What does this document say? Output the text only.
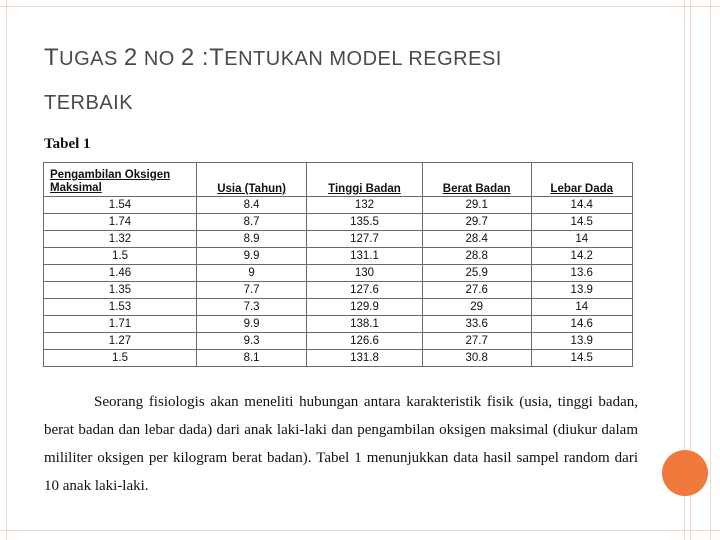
TUGAS 2 NO 2 :TENTUKAN MODEL REGRESI
TERBAIK
Tabel 1
Pengambilan Oksigen Maksimal	Usia (Tahun)	Tinggi Badan	Berat Badan	Lebar Dada
1.54	8.4	132	29.1	14.4
1.74	8.7	135.5	29.7	14.5
1.32	8.9	127.7	28.4	14
1.5	9.9	131.1	28.8	14.2
1.46	9	130	25.9	13.6
1.35	7.7	127.6	27.6	13.9
1.53	7.3	129.9	29	14
1.71	9.9	138.1	33.6	14.6
1.27	9.3	126.6	27.7	13.9
1.5	8.1	131.8	30.8	14.5
Seorang fisiologis akan meneliti hubungan antara karakteristik fisik (usia, tinggi badan, berat badan dan lebar dada) dari anak laki-laki dan pengambilan oksigen maksimal (diukur dalam mililiter oksigen per kilogram berat badan). Tabel 1 menunjukkan data hasil sampel random dari 10 anak laki-laki.
